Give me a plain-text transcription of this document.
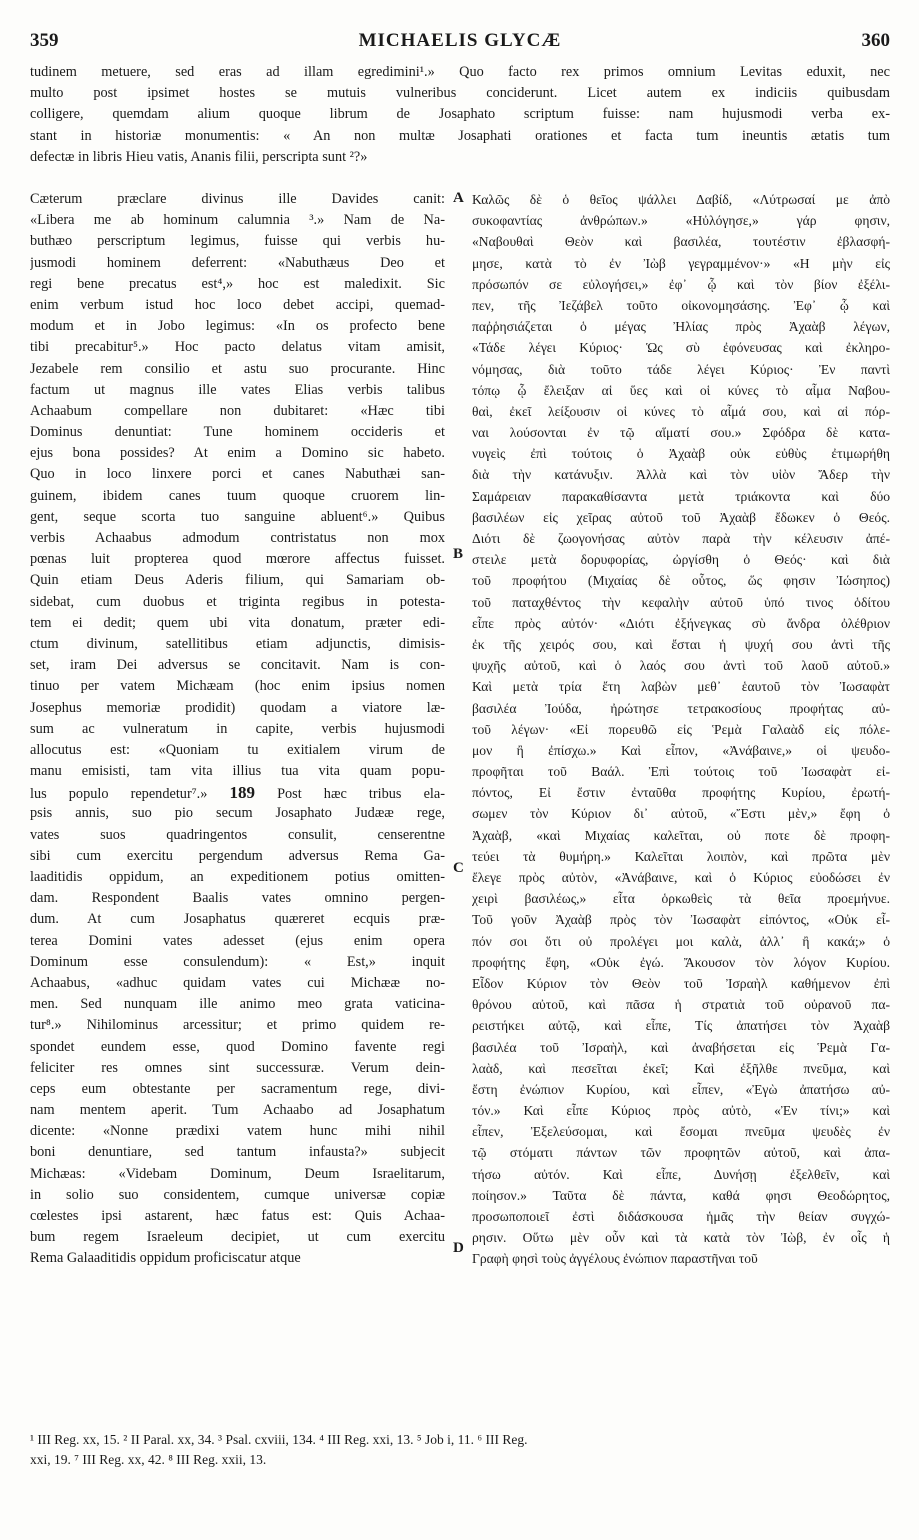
MICHAELIS GLYCÆ
359	360
tudinem metuere, sed eras ad illam egredimini¹.» Quo facto rex primos omnium Levitas eduxit, nec
multo post ipsimet hostes se mutuis vulneribus conciderunt. Licet autem ex indiciis quibusdam
colligere, quemdam alium quoque librum de Josaphato scriptum fuisse: nam hujusmodi verba ex-
stant in historiæ monumentis: « An non multæ Josaphati orationes et facta tum ineuntis ætatis tum
defectæ in libris Hieu vatis, Ananis filii, perscripta sunt ²?»
Cæterum præclare divinus ille Davides canit:
«Libera me ab hominum calumnia ³.» Nam de Na-
buthæo perscriptum legimus, fuisse qui verbis hu-
jusmodi hominem deferrent: «Nabuthæus Deo et
regi bene precatus est⁴,» hoc est maledixit. Sic
enim verbum istud hoc loco debet accipi, quemad-
modum et in Jobo legimus: «In os profecto bene
tibi precabitur⁵.» Hoc pacto delatus vitam amisit,
Jezabele rem consilio et astu suo procurante. Hinc
factum ut magnus ille vates Elias verbis talibus
Achaabum compellare non dubitaret: «Hæc tibi
Dominus denuntiat: Tune hominem occideris et
ejus bona possides? At enim a Domino sic habeto.
Quo in loco linxere porci et canes Nabuthæi san-
guinem, ibidem canes tuum quoque cruorem lin-
gent, seque scorta tuo sanguine abluent⁶.» Quibus
verbis Achaabus admodum contristatus non mox
pœnas luit propterea quod mœrore affectus fuisset.
Quin etiam Deus Aderis filium, qui Samariam ob-
sidebat, cum duobus et triginta regibus in potesta-
tem ei dedit; quem ubi vita donatum, præter edi-
ctum divinum, satellitibus etiam adjunctis, dimisis-
set, iram Dei adversus se concitavit. Nam is con-
tinuo per vatem Michæam (hoc enim ipsius nomen
Josephus memoriæ prodidit) quodam a viatore læ-
sum ac vulneratum in capite, verbis hujusmodi
allocutus est: «Quoniam tu exitialem virum de
manu emisisti, tam vita illius tua vita quam popu-
lus populo rependetur⁷.» 189 Post hæc tribus ela-
psis annis, suo pio secum Josaphato Judææ rege,
vates suos quadringentos consulit, censerentne
sibi cum exercitu pergendum adversus Rema Ga-
laaditidis oppidum, an expeditionem potius omitten-
dam. Respondent Baalis vates omnino pergen-
dum. At cum Josaphatus quæreret ecquis præ-
terea Domini vates adesset (ejus enim opera
Dominum esse consulendum): « Est,» inquit
Achaabus, «adhuc quidam vates cui Michææ no-
men. Sed nunquam ille animo meo grata vaticina-
tur⁸.» Nihilominus arcessitur; et primo quidem re-
spondet eundem esse, quod Domino favente regi
feliciter res omnes sint successuræ. Verum dein-
ceps eum obtestante per sacramentum rege, divi-
nam mentem aperit. Tum Achaabo ad Josaphatum
dicente: «Nonne prædixi vatem hunc mihi nihil
boni denuntiare, sed tantum infausta?» subjecit
Michæas: «Videbam Dominum, Deum Israelitarum,
in solio suo considentem, cumque universæ copiæ
cœlestes ipsi astarent, hæc fatus est: Quis Achaa-
bum regem Israeleum decipiet, ut cum exercitu
Rema Galaaditidis oppidum proficiscatur atque
Καλῶς δὲ ὁ θεῖος ψάλλει Δαβίδ, «Λύτρωσαί με ἀπὸ
συκοφαντίας ἀνθρώπων.» «Ηὐλόγησε,» γάρ φησιν,
«Ναβουθαὶ Θεὸν καὶ βασιλέα, τουτέστιν ἐβλασφή-
μησε, κατὰ τὸ ἐν Ἰὼβ γεγραμμένον·» «Η μὴν εἰς
πρόσωπόν σε εὐλογήσει,» ἐφ᾽ ᾧ καὶ τὸν βίον ἐξέλι-
πεν, τῆς Ἰεζάβελ τοῦτο οἰκονομησάσης. Ἐφ᾽ ᾧ καὶ
παῤῥησιάζεται ὁ μέγας Ἠλίας πρὸς Ἀχαὰβ λέγων,
«Τάδε λέγει Κύριος· Ὡς σὺ ἐφόνευσας καὶ ἐκληρο-
νόμησας, διὰ τοῦτο τάδε λέγει Κύριος· Ἐν παντὶ
τόπῳ ᾧ ἔλειξαν αἱ ὕες καὶ οἱ κύνες τὸ αἷμα Ναβου-
θαὶ, ἐκεῖ λείξουσιν οἱ κύνες τὸ αἷμά σου, καὶ αἱ πόρ-
ναι λούσονται ἐν τῷ αἵματί σου.» Σφόδρα δὲ κατα-
νυγεὶς ἐπὶ τούτοις ὁ Ἀχαὰβ οὐκ εὐθὺς ἐτιμωρήθη
διὰ τὴν κατάνυξιν. Ἀλλὰ καὶ τὸν υἱὸν Ἄδερ τὴν
Σαμάρειαν παρακαθίσαντα μετὰ τριάκοντα καὶ δύο
βασιλέων εἰς χεῖρας αὐτοῦ τοῦ Ἀχαὰβ ἔδωκεν ὁ Θεός.
Διότι δὲ ζωογονήσας αὐτὸν παρὰ τὴν κέλευσιν ἀπέ-
στειλε μετὰ δορυφορίας, ὠργίσθη ὁ Θεός· καὶ διὰ
τοῦ προφήτου (Μιχαίας δὲ οὗτος, ὥς φησιν Ἰώσηπος)
τοῦ παταχθέντος τὴν κεφαλὴν αὐτοῦ ὑπό τινος ὁδίτου
εἶπε πρὸς αὐτόν· «Διότι ἐξήνεγκας σὺ ἄνδρα ὀλέθριον
ἐκ τῆς χειρός σου, καὶ ἔσται ἡ ψυχή σου ἀντὶ τῆς
ψυχῆς αὐτοῦ, καὶ ὁ λαός σου ἀντὶ τοῦ λαοῦ αὐτοῦ.»
Καὶ μετὰ τρία ἔτη λαβὼν μεθ᾽ ἑαυτοῦ τὸν Ἰωσαφὰτ
βασιλέα Ἰούδα, ἠρώτησε τετρακοσίους προφήτας αὐ-
τοῦ λέγων· «Εἰ πορευθῶ εἰς Ῥεμὰ Γαλαὰδ εἰς πόλε-
μον ἢ ἐπίσχω.» Καὶ εἶπον, «Ἀνάβαινε,» οἱ ψευδο-
προφῆται τοῦ Βαάλ. Ἐπὶ τούτοις τοῦ Ἰωσαφὰτ εἰ-
πόντος, Εἰ ἔστιν ἐνταῦθα προφήτης Κυρίου, ἐρωτή-
σωμεν τὸν Κύριον δι᾽ αὐτοῦ, «Ἔστι μὲν,» ἔφη ὁ
Ἀχαὰβ, «καὶ Μιχαίας καλεῖται, οὐ ποτε δὲ προφη-
τεύει τὰ θυμήρη.» Καλεῖται λοιπὸν, καὶ πρῶτα μὲν
ἔλεγε πρὸς αὐτὸν, «Ἀνάβαινε, καὶ ὁ Κύριος εὐοδώσει ἐν
χειρὶ βασιλέως,» εἶτα ὁρκωθεὶς τὰ θεῖα προεμήνυε.
Τοῦ γοῦν Ἀχαὰβ πρὸς τὸν Ἰωσαφὰτ εἰπόντος, «Οὐκ εἶ-
πόν σοι ὅτι οὐ προλέγει μοι καλὰ, ἀλλ᾽ ἢ κακά;» ὁ
προφήτης ἔφη, «Οὐκ ἐγώ. Ἄκουσον τὸν λόγον Κυρίου.
Εἶδον Κύριον τὸν Θεὸν τοῦ Ἰσραὴλ καθήμενον ἐπὶ
θρόνου αὐτοῦ, καὶ πᾶσα ἡ στρατιὰ τοῦ οὐρανοῦ πα-
ρειστήκει αὐτῷ, καὶ εἶπε, Τίς ἀπατήσει τὸν Ἀχαὰβ
βασιλέα τοῦ Ἰσραὴλ, καὶ ἀναβήσεται εἰς Ῥεμὰ Γα-
λαὰδ, καὶ πεσεῖται ἐκεῖ; Καὶ ἐξῆλθε πνεῦμα, καὶ
ἔστη ἐνώπιον Κυρίου, καὶ εἶπεν, «Ἐγὼ ἀπατήσω αὐ-
τόν.» Καὶ εἶπε Κύριος πρὸς αὐτὸ, «Ἐν τίνι;» καὶ
εἶπεν, Ἐξελεύσομαι, καὶ ἔσομαι πνεῦμα ψευδὲς ἐν
τῷ στόματι πάντων τῶν προφητῶν αὐτοῦ, καὶ ἀπα-
τήσω αὐτόν. Καὶ εἶπε, Δυνήσῃ ἐξελθεῖν, καὶ
ποίησον.» Ταῦτα δὲ πάντα, καθά φησι Θεοδώρητος,
προσωποποιεῖ ἐστὶ διδάσκουσα ἡμᾶς τὴν θείαν συγχώ-
ρησιν. Οὕτω μὲν οὖν καὶ τὰ κατὰ τὸν Ἰὼβ, ἐν οἷς ἡ
Γραφὴ φησὶ τοὺς ἀγγέλους ἐνώπιον παραστῆναι τοῦ
A
B
C
D
¹ III Reg. xx, 15. ² II Paral. xx, 34. ³ Psal. cxviii, 134. ⁴ III Reg. xxi, 13. ⁵ Job i, 11. ⁶ III Reg.
xxi, 19. ⁷ III Reg. xx, 42. ⁸ III Reg. xxii, 13.
